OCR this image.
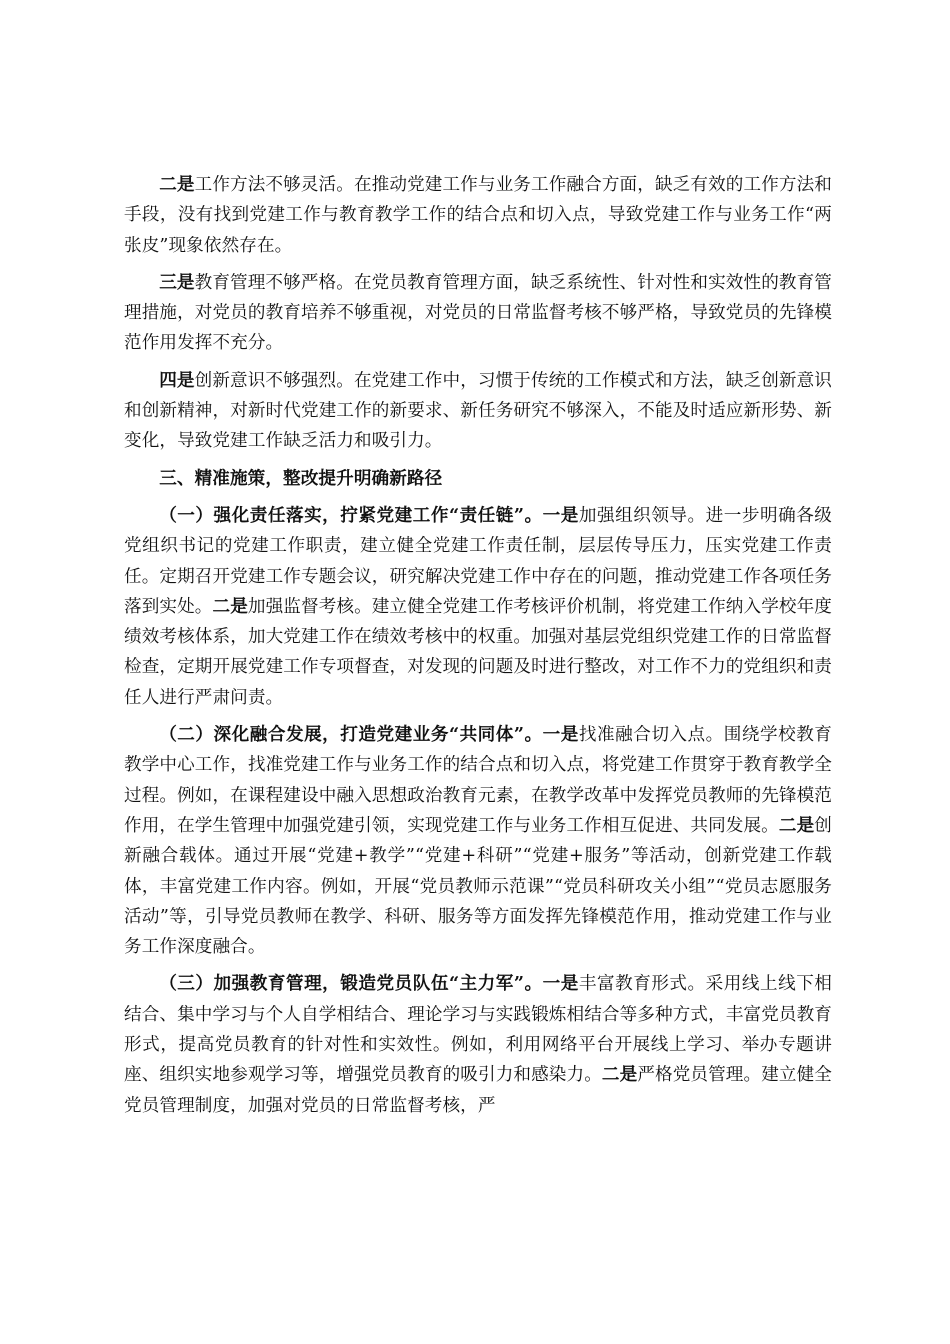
二是工作方法不够灵活。在推动党建工作与业务工作融合方面，缺乏有效的工作方法和手段，没有找到党建工作与教育教学工作的结合点和切入点，导致党建工作与业务工作“两张皮”现象依然存在。

三是教育管理不够严格。在党员教育管理方面，缺乏系统性、针对性和实效性的教育管理措施，对党员的教育培养不够重视，对党员的日常监督考核不够严格，导致党员的先锋模范作用发挥不充分。

四是创新意识不够强烈。在党建工作中，习惯于传统的工作模式和方法，缺乏创新意识和创新精神，对新时代党建工作的新要求、新任务研究不够深入，不能及时适应新形势、新变化，导致党建工作缺乏活力和吸引力。

三、精准施策，整改提升明确新路径

（一）强化责任落实，拧紧党建工作“责任链”。一是加强组织领导。进一步明确各级党组织书记的党建工作职责，建立健全党建工作责任制，层层传导压力，压实党建工作责任。定期召开党建工作专题会议，研究解决党建工作中存在的问题，推动党建工作各项任务落到实处。二是加强监督考核。建立健全党建工作考核评价机制，将党建工作纳入学校年度绩效考核体系，加大党建工作在绩效考核中的权重。加强对基层党组织党建工作的日常监督检查，定期开展党建工作专项督查，对发现的问题及时进行整改，对工作不力的党组织和责任人进行严肃问责。

（二）深化融合发展，打造党建业务“共同体”。一是找准融合切入点。围绕学校教育教学中心工作，找准党建工作与业务工作的结合点和切入点，将党建工作贯穿于教育教学全过程。例如，在课程建设中融入思想政治教育元素，在教学改革中发挥党员教师的先锋模范作用，在学生管理中加强党建引领，实现党建工作与业务工作相互促进、共同发展。二是创新融合载体。通过开展“党建+教学”“党建+科研”“党建+服务”等活动，创新党建工作载体，丰富党建工作内容。例如，开展“党员教师示范课”“党员科研攻关小组”“党员志愿服务活动”等，引导党员教师在教学、科研、服务等方面发挥先锋模范作用，推动党建工作与业务工作深度融合。

（三）加强教育管理，锻造党员队伍“主力军”。一是丰富教育形式。采用线上线下相结合、集中学习与个人自学相结合、理论学习与实践锻炼相结合等多种方式，丰富党员教育形式，提高党员教育的针对性和实效性。例如，利用网络平台开展线上学习、举办专题讲座、组织实地参观学习等，增强党员教育的吸引力和感染力。二是严格党员管理。建立健全党员管理制度，加强对党员的日常监督考核，严
